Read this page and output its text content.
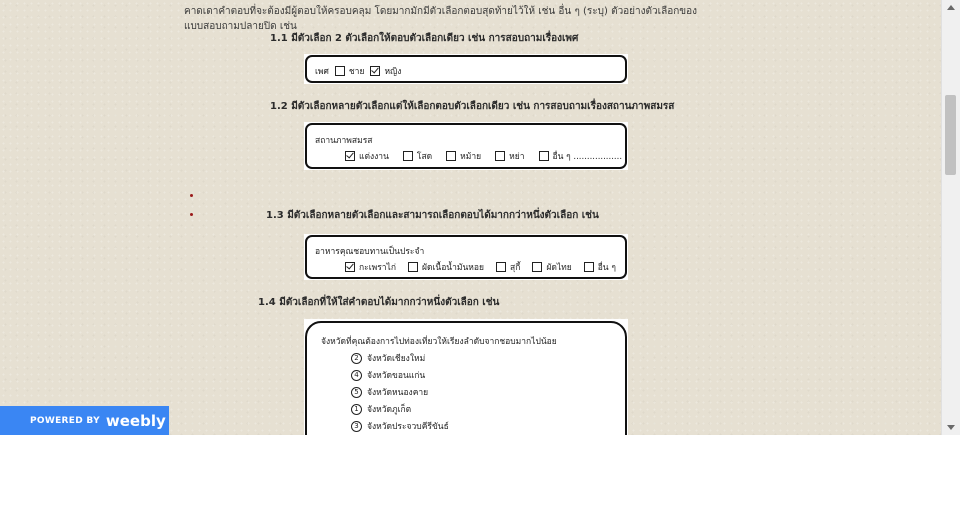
คาดเดาคำตอบที่จะต้องมีผู้ตอบให้ครอบคลุม โดยมากมักมีตัวเลือกตอบสุดท้ายไว้ให้ เช่น อื่น ๆ (ระบุ) ตัวอย่างตัวเลือกของแบบสอบถามปลายปิด เช่น
1.1 มีตัวเลือก 2 ตัวเลือกให้ตอบตัวเลือกเดียว เช่น การสอบถามเรื่องเพศ
เพศ ชาย หญิง
1.2 มีตัวเลือกหลายตัวเลือกแต่ให้เลือกตอบตัวเลือกเดียว เช่น การสอบถามเรื่องสถานภาพสมรส
สถานภาพสมรส
แต่งงาน	โสด	หม้าย	หย่า	อื่น ๆ ..................
1.3 มีตัวเลือกหลายตัวเลือกและสามารถเลือกตอบได้มากกว่าหนึ่งตัวเลือก เช่น
อาหารคุณชอบทานเป็นประจำ
กะเพราไก่	ผัดเนื้อน้ำมันหอย	สุกี้	ผัดไทย	อื่น ๆ
1.4 มีตัวเลือกที่ให้ใส่คำตอบได้มากกว่าหนึ่งตัวเลือก เช่น
จังหวัดที่คุณต้องการไปท่องเที่ยวให้เรียงลำดับจากชอบมากไปน้อย
2 จังหวัดเชียงใหม่
4 จังหวัดขอนแก่น
5 จังหวัดหนองคาย
1 จังหวัดภูเก็ต
3 จังหวัดประจวบคีรีขันธ์
POWERED BY weebly
